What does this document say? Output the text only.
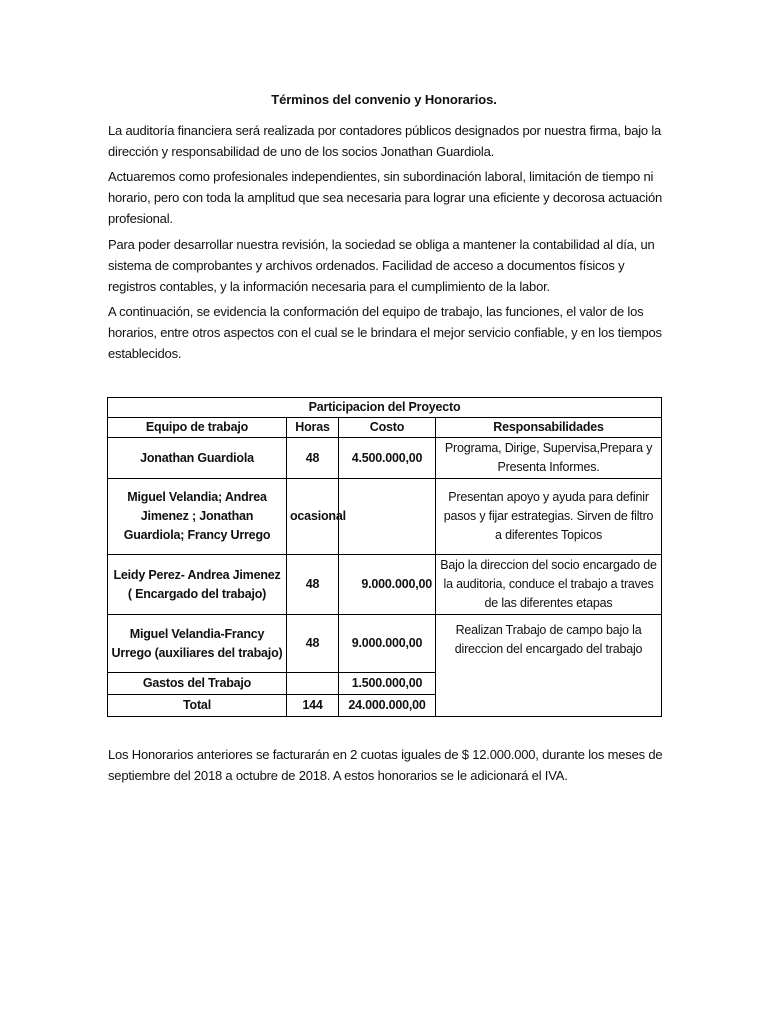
Términos del convenio y Honorarios.
La auditoría financiera será realizada por contadores públicos designados por nuestra firma, bajo la dirección y responsabilidad de uno de los socios Jonathan Guardiola.
Actuaremos como profesionales independientes, sin subordinación laboral, limitación de tiempo ni horario, pero con toda la amplitud que sea necesaria para lograr una eficiente y decorosa actuación profesional.
Para poder desarrollar nuestra revisión, la sociedad se obliga a mantener la contabilidad al día, un sistema de comprobantes y archivos ordenados. Facilidad de acceso a documentos físicos y registros contables, y la información necesaria para el cumplimiento de la labor.
A continuación, se evidencia la conformación del equipo de trabajo, las funciones, el valor de los horarios, entre otros aspectos con el cual se le brindara el mejor servicio confiable, y en los tiempos establecidos.
Participacion del Proyecto			
Equipo de trabajo	Horas	Costo	Responsabilidades
Jonathan Guardiola	48	4.500.000,00	Programa, Dirige, Supervisa,Prepara y Presenta Informes.
Miguel Velandia; Andrea Jimenez ; Jonathan Guardiola; Francy Urrego	ocasional		Presentan apoyo y ayuda para definir pasos y fijar estrategias. Sirven de filtro a diferentes Topicos
Leidy Perez- Andrea Jimenez ( Encargado del trabajo)	48	9.000.000,00	Bajo la direccion del socio encargado de la auditoria, conduce el trabajo a traves de las diferentes etapas
Miguel Velandia-Francy Urrego (auxiliares del trabajo)	48	9.000.000,00	Realizan Trabajo de campo bajo la direccion del encargado del trabajo
Gastos del Trabajo		1.500.000,00	
Total	144	24.000.000,00	
Los Honorarios anteriores se facturarán en 2 cuotas iguales de $ 12.000.000, durante los meses de septiembre del 2018 a octubre de 2018. A estos honorarios se le adicionará el IVA.
